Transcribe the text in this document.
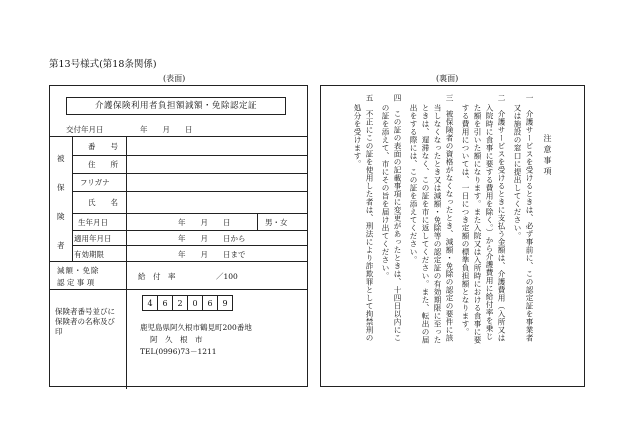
第13号様式(第18条関係)
(表面)	(裏面)
介護保険利用者負担額減額・免除認定証
交付年月日	年　　月　　日
被
保
険
者
番　　号
住　　所
フリガナ
氏　　名
生年月日	年　　月　　日	男・女
適用年月日	年　　月　　日から
有効期限	年　　月　　日まで
減額・免除
認 定 事 項
給　付　率	／100
保険者番号並びに保険者の名称及び印
4	6	2	0	6	9
鹿児島県阿久根市鶴見町200番地
阿　久　根　市
TEL(0996)73－1211
注意事項
一　介護サービスを受けるときは、必ず事前に、この認定証を事業者
又は施設の窓口に提出してください。
二　介護サービスを受けるときに支払う金額は、介護費用（入所又は
入院時に食事に要する費用を除く。）から介護費用に給付率を乗じ
た額を引いた額になります。また入院又は入所時における食事に要
する費用については、一日につき定額の標準負担額となります。
三　被保険者の資格がなくなったとき、減額・免除の認定の要件に該
当しなくなったとき又は減額・免除等の認定証の有効期限に至った
ときは、遅滞なく、この証を市に返してください。また、転出の届
出をする際には、この証を添えてください。
四　この証の表面の記載事項に変更があったときは、十四日以内にこ
の証を添えて、市にその旨を届け出てください。
五　不正にこの証を使用した者は、刑法により詐欺罪として拘禁刑の
処分を受けます。
